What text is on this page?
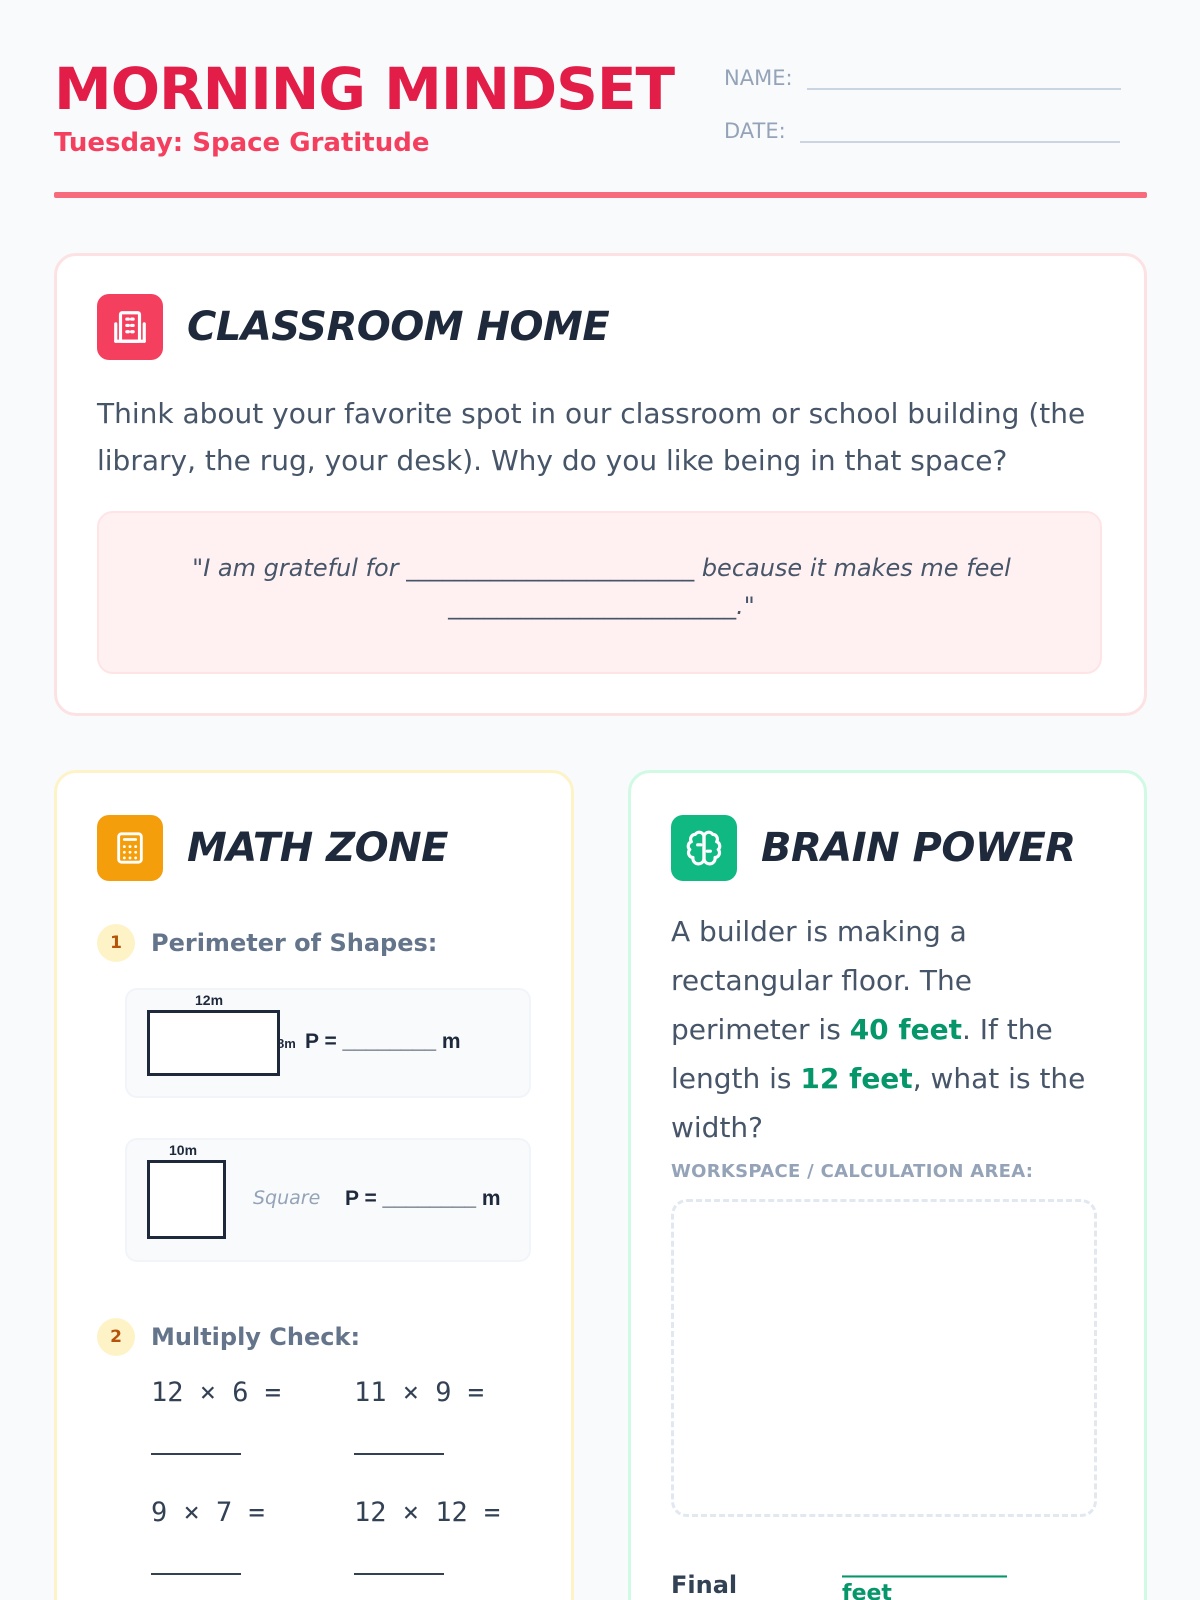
MORNING MINDSET
Tuesday: Space Gratitude
NAME:
DATE:
CLASSROOM HOME
Think about your favorite spot in our classroom or school building (the library, the rug, your desk). Why do you like being in that space?
"I am grateful for ________________________ because it makes me feel
________________________."
MATH ZONE
1	Perimeter of Shapes:
12m
8m P = ________ m
10m
Square P = ________ m
2	Multiply Check:
12 × 6 =	11 × 9 =
9 × 7 =	12 × 12 =
BRAIN POWER
A builder is making a rectangular floor. The perimeter is 40 feet. If the length is 12 feet, what is the width?
WORKSPACE / CALCULATION AREA:
Final
_______________
feet
